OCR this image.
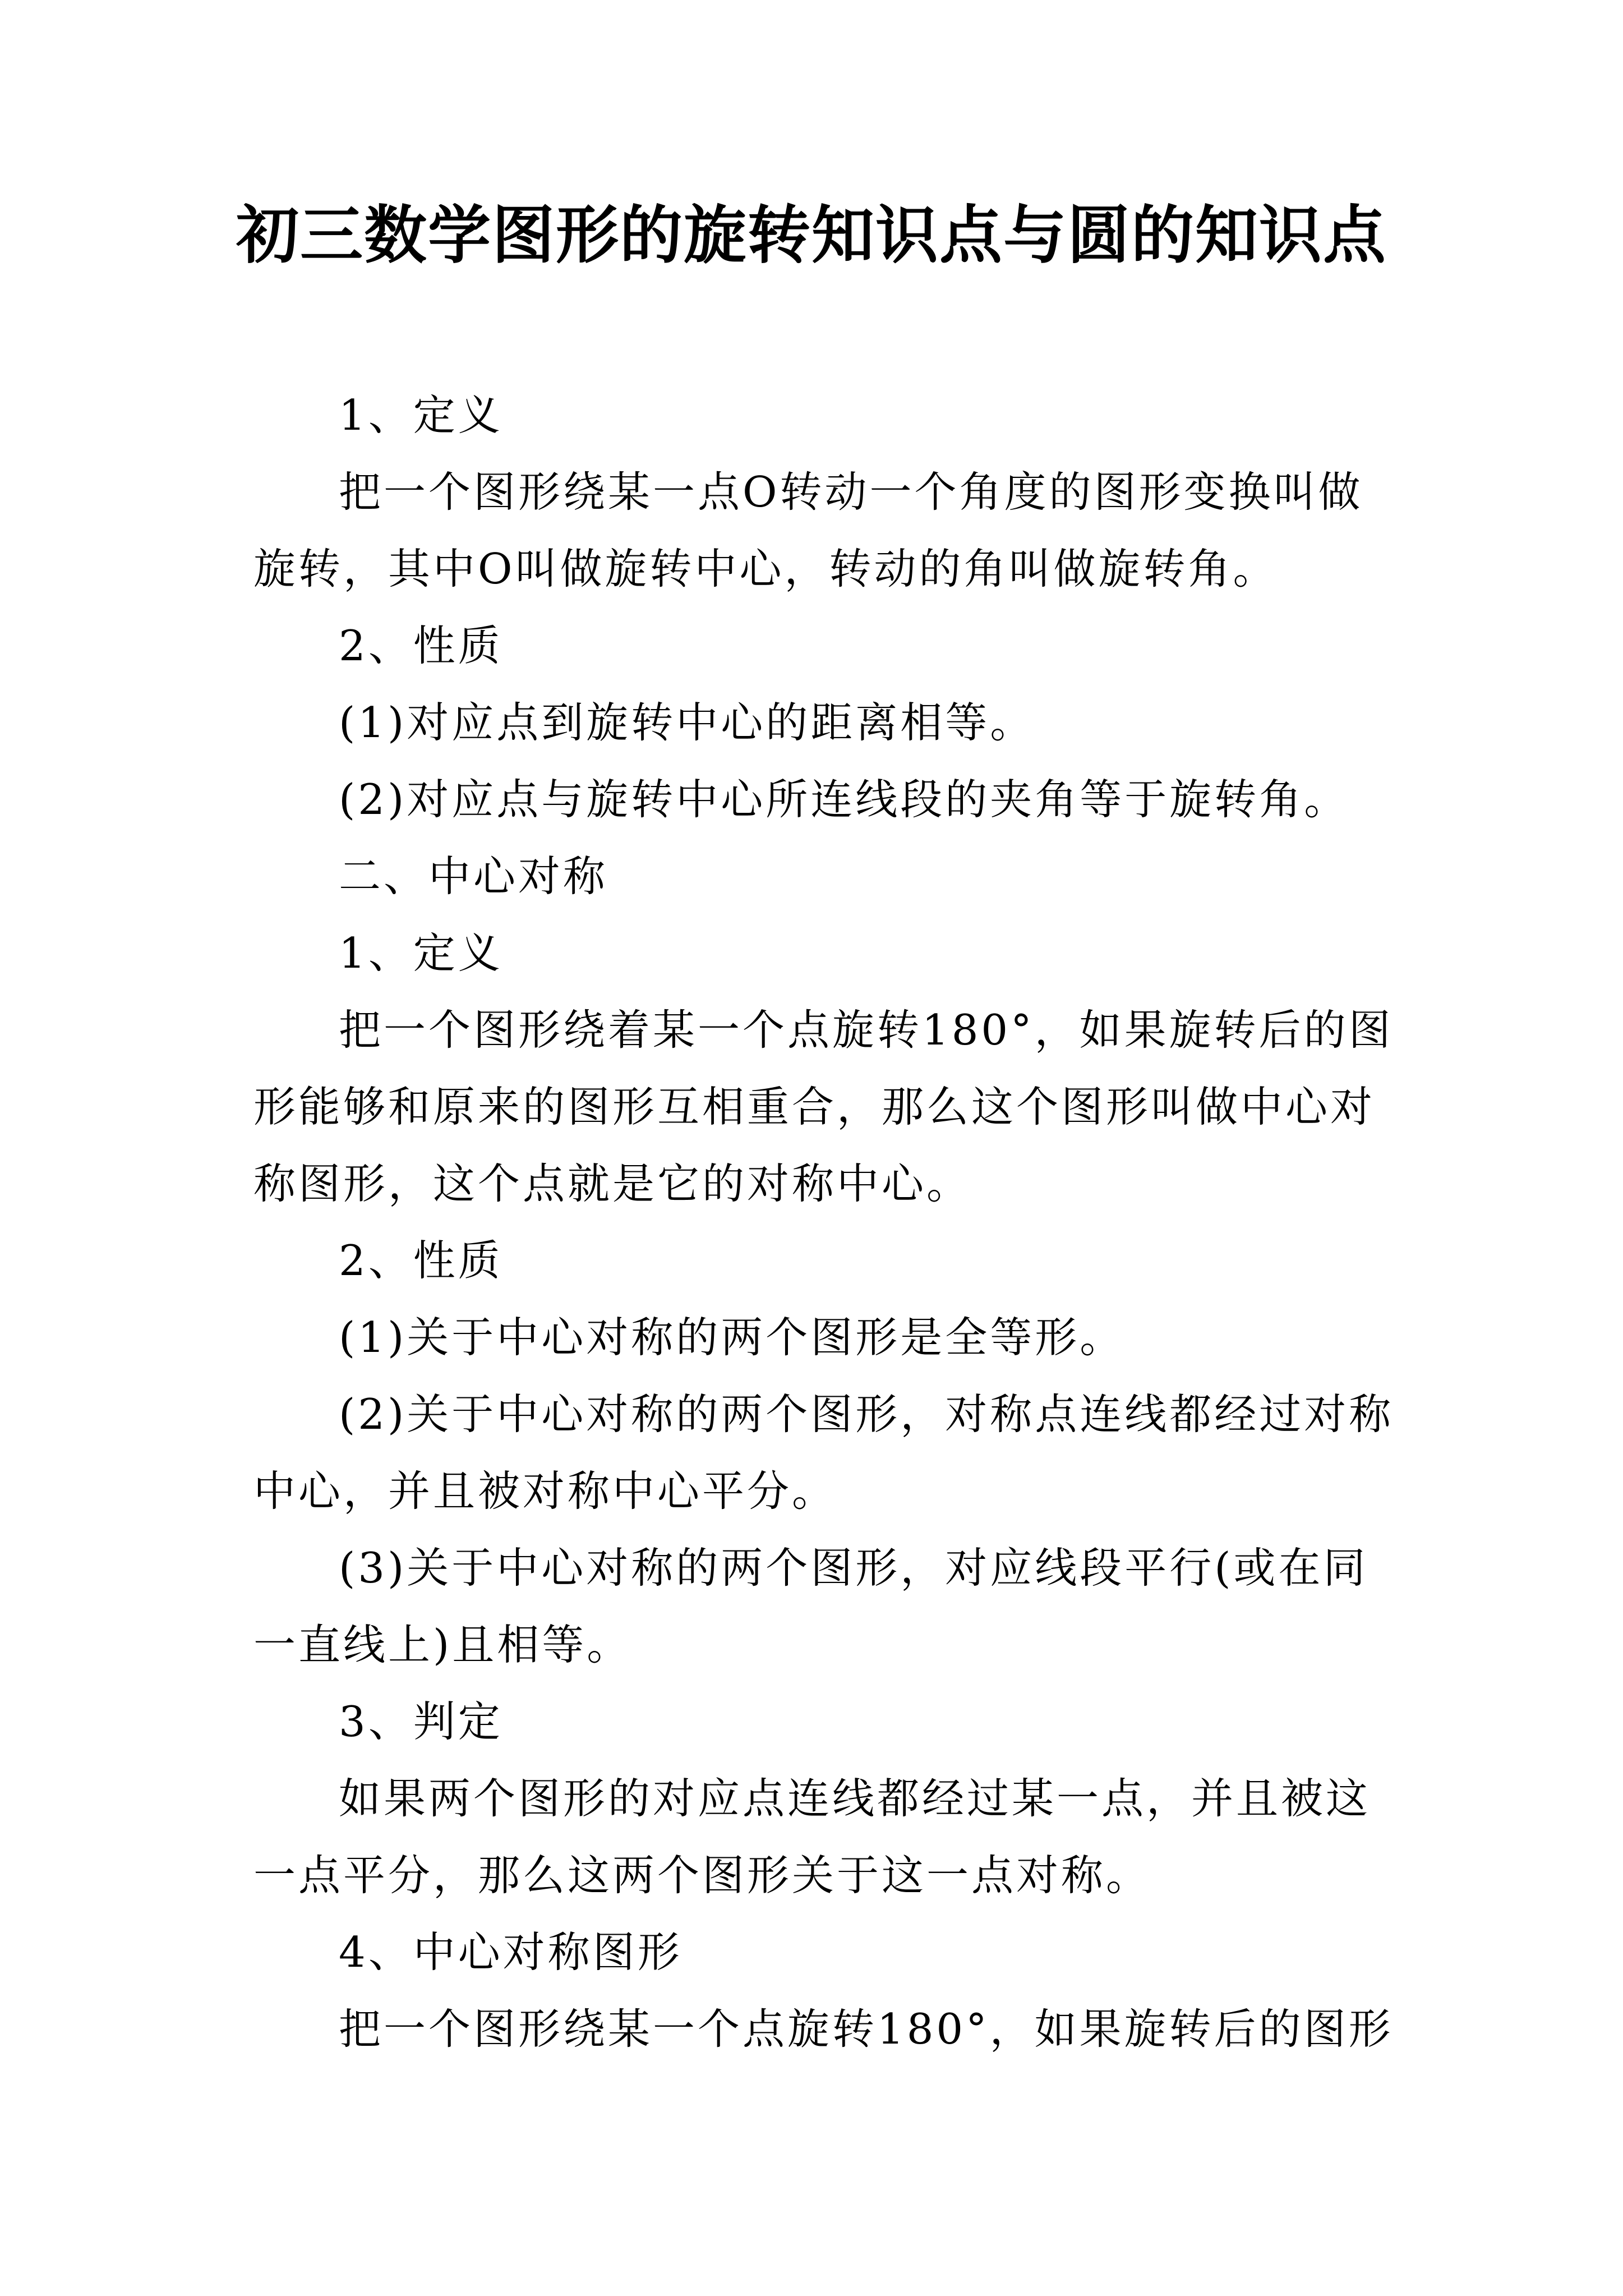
初三数学图形的旋转知识点与圆的知识点

1、定义

把一个图形绕某一点O转动一个角度的图形变换叫做旋转，其中O叫做旋转中心，转动的角叫做旋转角。

2、性质

(1)对应点到旋转中心的距离相等。

(2)对应点与旋转中心所连线段的夹角等于旋转角。

二、中心对称

1、定义

把一个图形绕着某一个点旋转180°，如果旋转后的图形能够和原来的图形互相重合，那么这个图形叫做中心对称图形，这个点就是它的对称中心。

2、性质

(1)关于中心对称的两个图形是全等形。

(2)关于中心对称的两个图形，对称点连线都经过对称中心，并且被对称中心平分。

(3)关于中心对称的两个图形，对应线段平行(或在同一直线上)且相等。

3、判定

如果两个图形的对应点连线都经过某一点，并且被这一点平分，那么这两个图形关于这一点对称。

4、中心对称图形

把一个图形绕某一个点旋转180°，如果旋转后的图形
